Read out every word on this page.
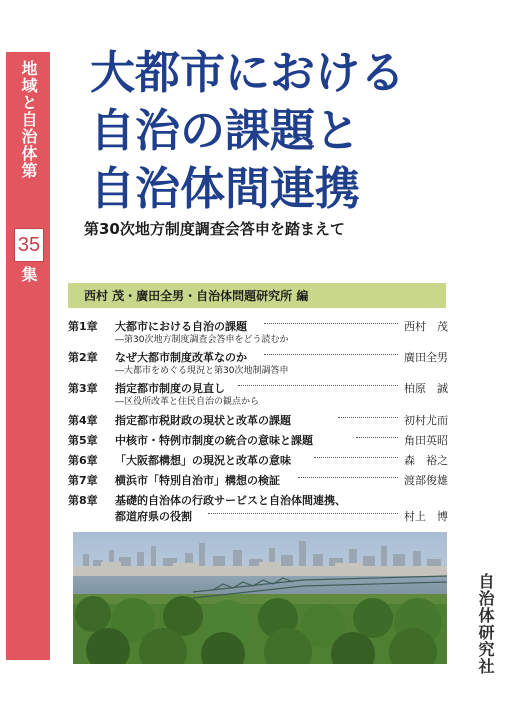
地域と自治体第
35
集
自治体研究社
大都市における
自治の課題と
自治体間連携
第30次地方制度調査会答申を踏まえて
西村 茂・廣田全男・自治体問題研究所 編
第1章 大都市における自治の課題	西村　茂
―第30次地方制度調査会答申をどう読むか
第2章 なぜ大都市制度改革なのか	廣田全男
―大都市をめぐる現況と第30次地制調答申
第3章 指定都市制度の見直し	柏原　誠
―区役所改革と住民自治の観点から
第4章 指定都市税財政の現状と改革の課題	初村尤而
第5章 中核市・特例市制度の統合の意味と課題	角田英昭
第6章 「大阪都構想」の現況と改革の意味	森　裕之
第7章 横浜市「特別自治市」構想の検証	渡部俊雄
第8章 基礎的自治体の行政サービスと自治体間連携、
都道府県の役割	村上　博
